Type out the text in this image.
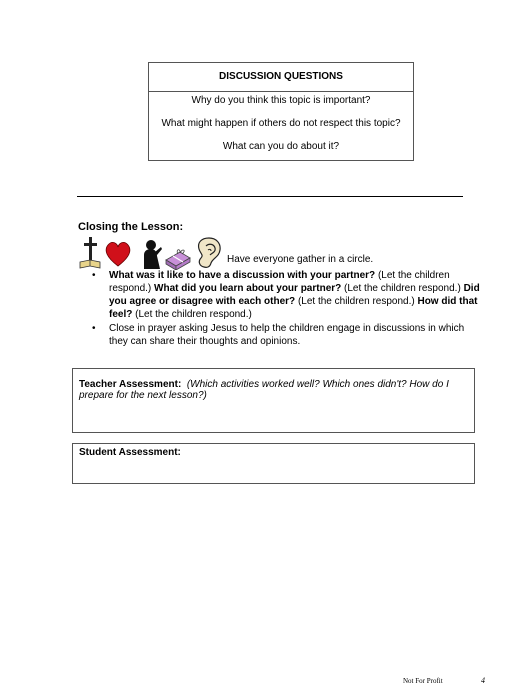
DISCUSSION QUESTIONS

Why do you think this topic is important?

What might happen if others do not respect this topic?

What can you do about it?

Closing the Lesson:
Have everyone gather in a circle.
• What was it like to have a discussion with your partner? (Let the children respond.) What did you learn about your partner? (Let the children respond.) Did you agree or disagree with each other? (Let the children respond.) How did that feel? (Let the children respond.)
• Close in prayer asking Jesus to help the children engage in discussions in which they can share their thoughts and opinions.
Teacher Assessment: (Which activities worked well? Which ones didn't? How do I prepare for the next lesson?)
Student Assessment:
Not For Profit	4
